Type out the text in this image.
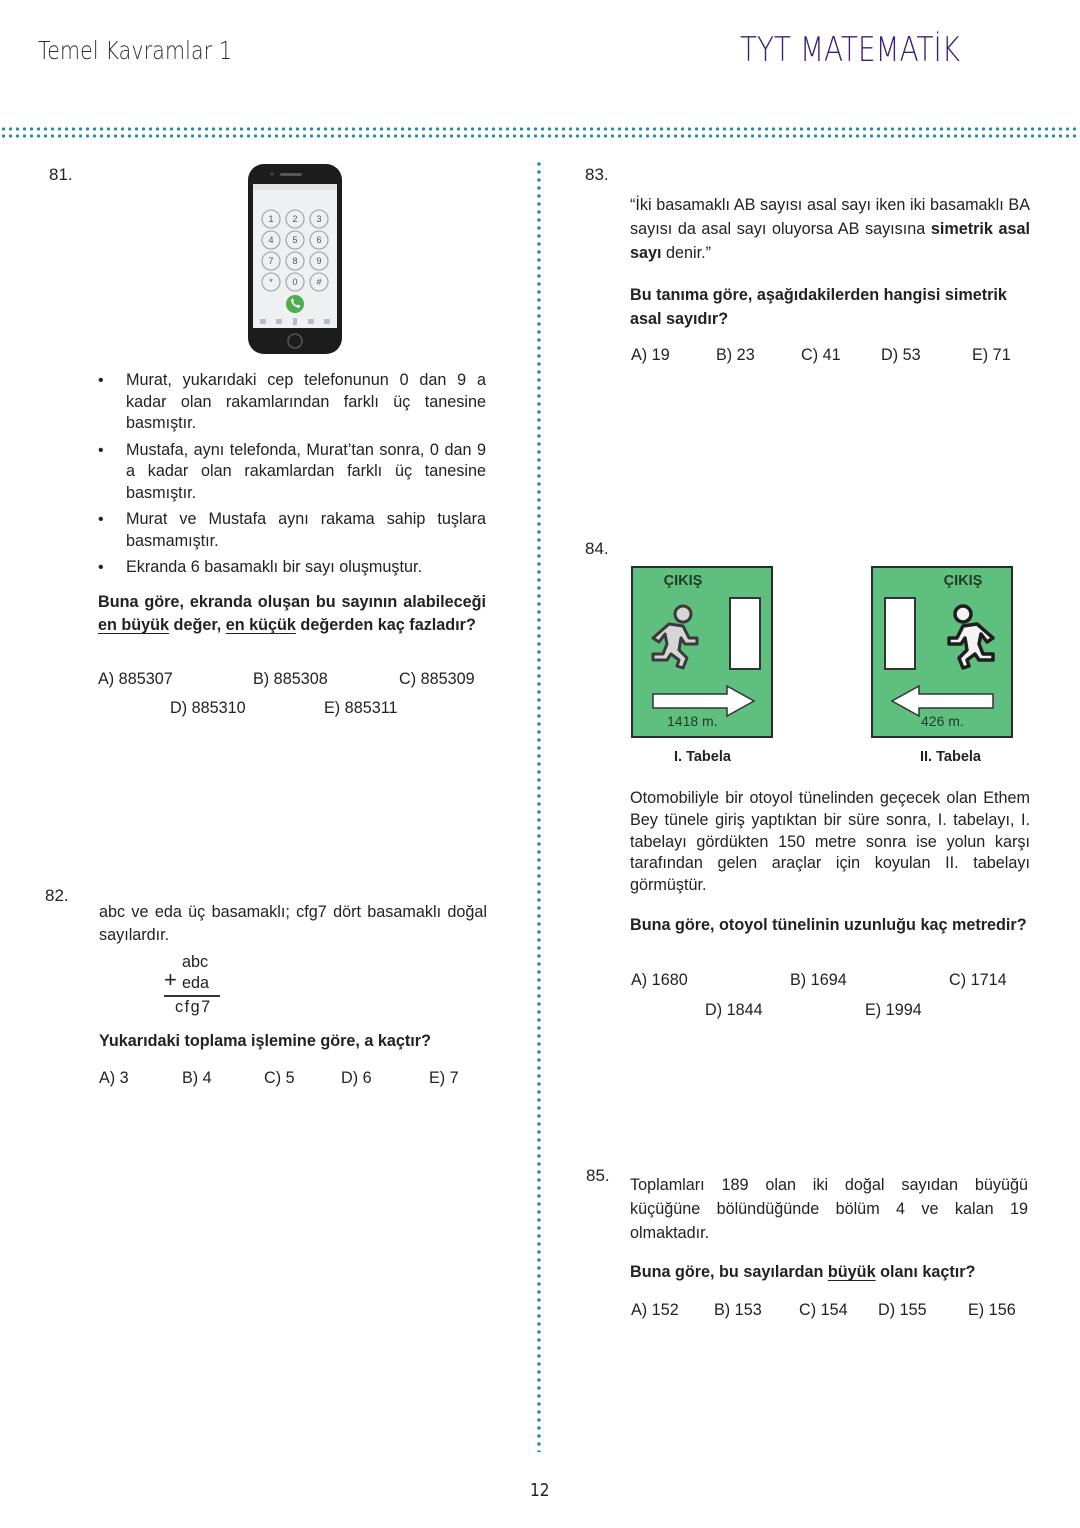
Temel Kavramlar 1	TYT MATEMATİK
81.
1 2 3
4 5 6
7 8 9
* 0 #
• Murat, yukarıdaki cep telefonunun 0 dan 9 a kadar olan rakamlarından farklı üç tanesine basmıştır.
• Mustafa, aynı telefonda, Murat’tan sonra, 0 dan 9 a kadar olan rakamlardan farklı üç tanesine basmıştır.
• Murat ve Mustafa aynı rakama sahip tuşlara basmamıştır.
• Ekranda 6 basamaklı bir sayı oluşmuştur.
Buna göre, ekranda oluşan bu sayının alabileceği en büyük değer, en küçük değerden kaç fazladır?
A) 885307	B) 885308	C) 885309
D) 885310	E) 885311
82.
abc ve eda üç basamaklı; cfg7 dört basamaklı doğal sayılardır.
abc
+ eda
cfg7
Yukarıdaki toplama işlemine göre, a kaçtır?
A) 3	B) 4	C) 5	D) 6	E) 7
83.
“İki basamaklı AB sayısı asal sayı iken iki basamaklı BA sayısı da asal sayı oluyorsa AB sayısına simetrik asal sayı denir.”
Bu tanıma göre, aşağıdakilerden hangisi simetrik asal sayıdır?
A) 19	B) 23	C) 41 D) 53	E) 71
84.
ÇIKIŞ
1418 m.
I. Tabela
ÇIKIŞ
426 m.
II. Tabela
Otomobiliyle bir otoyol tünelinden geçecek olan Ethem Bey tünele giriş yaptıktan bir süre sonra, I. tabelayı, I. tabelayı gördükten 150 metre sonra ise yolun karşı tarafından gelen araçlar için koyulan II. tabelayı görmüştür.
Buna göre, otoyol tünelinin uzunluğu kaç metredir?
A) 1680	B) 1694	C) 1714
D) 1844	E) 1994
85. Toplamları 189 olan iki doğal sayıdan büyüğü küçüğüne bölündüğünde bölüm 4 ve kalan 19 olmaktadır.
Buna göre, bu sayılardan büyük olanı kaçtır?
A) 152 B) 153 C) 154 D) 155	E) 156
12
